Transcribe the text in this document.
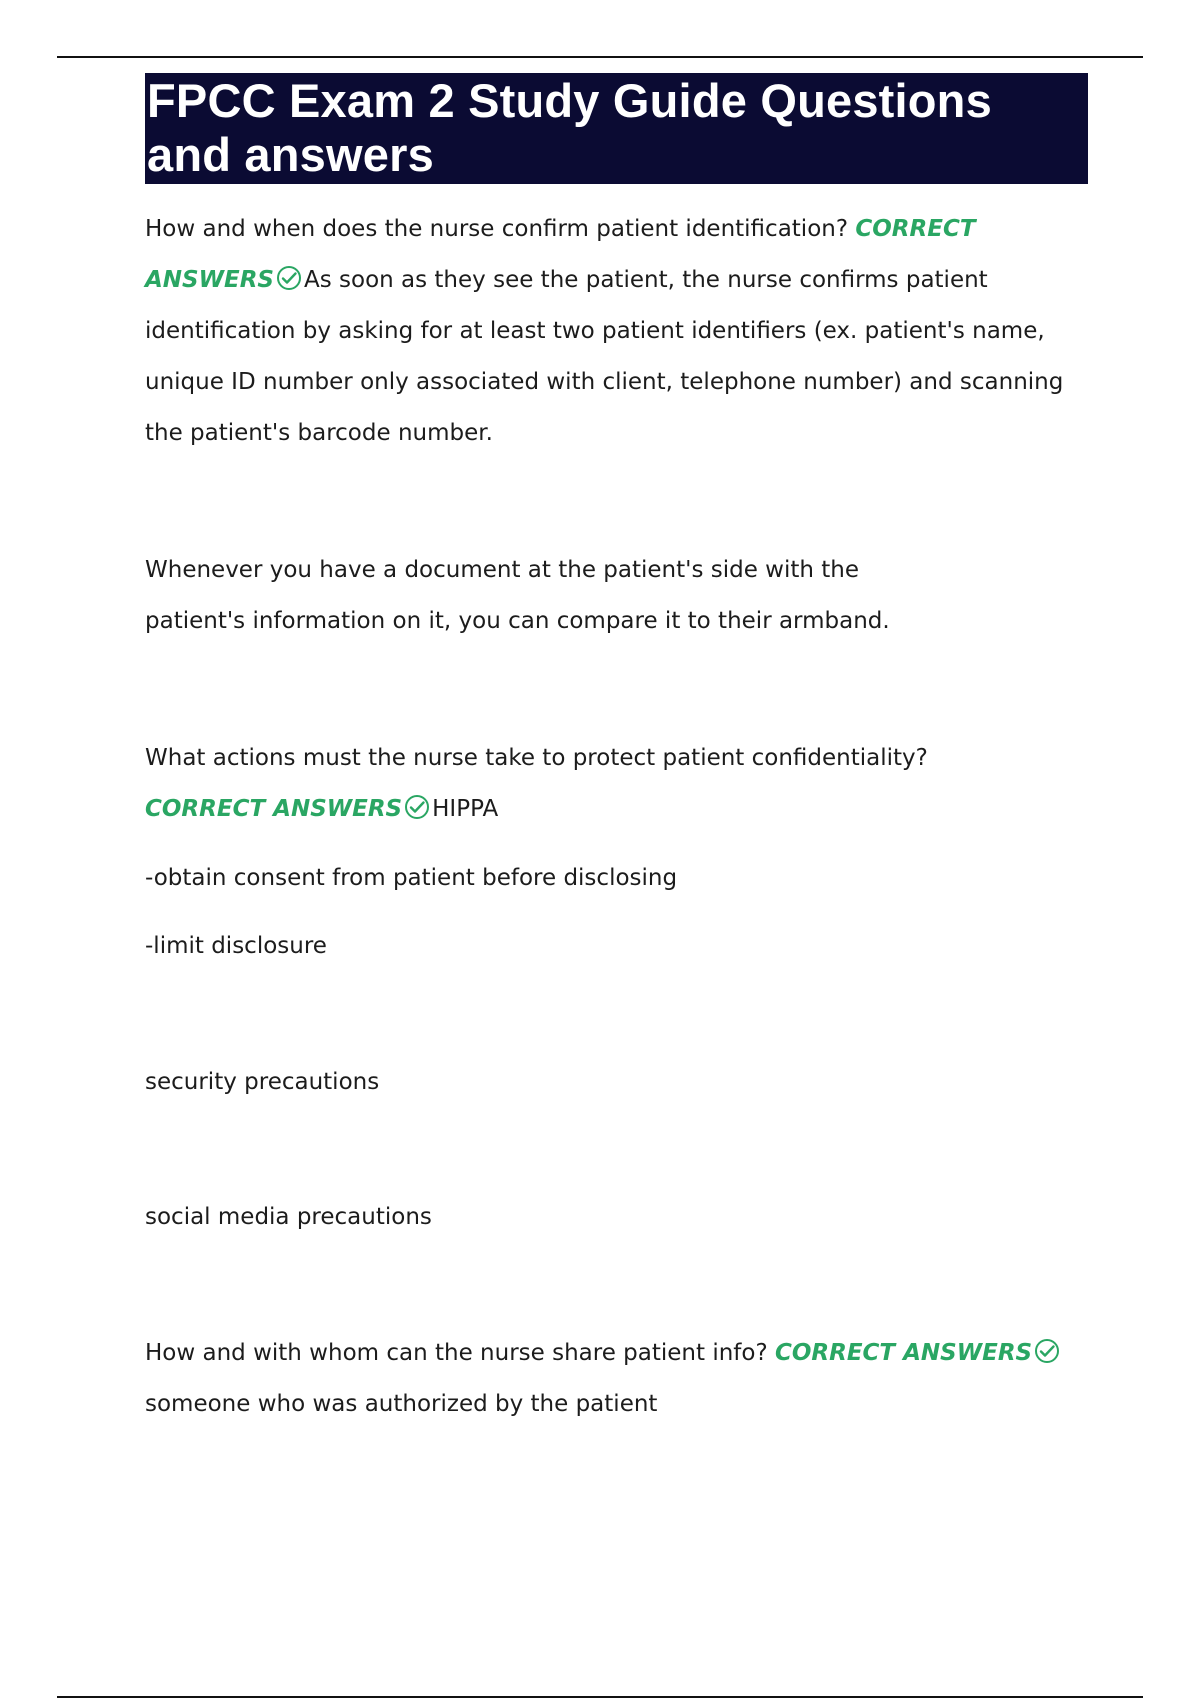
FPCC Exam 2 Study Guide Questions and answers

How and when does the nurse confirm patient identification? CORRECT ANSWERS As soon as they see the patient, the nurse confirms patient identification by asking for at least two patient identifiers (ex. patient's name, unique ID number only associated with client, telephone number) and scanning the patient's barcode number.

Whenever you have a document at the patient's side with the patient's information on it, you can compare it to their armband.

What actions must the nurse take to protect patient confidentiality? CORRECT ANSWERS HIPPA

-obtain consent from patient before disclosing

-limit disclosure

security precautions

social media precautions

How and with whom can the nurse share patient info? CORRECT ANSWERS
someone who was authorized by the patient
